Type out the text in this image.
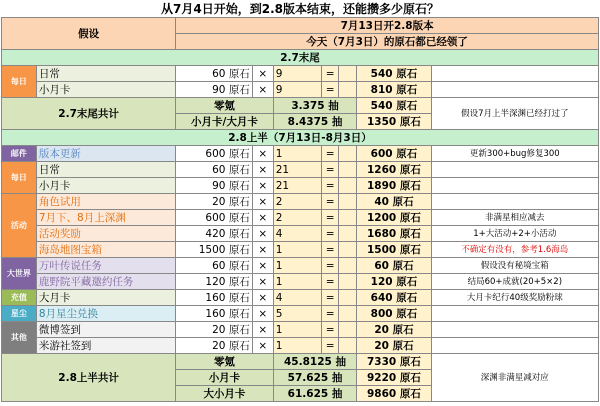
从7月4日开始，到2.8版本结束，还能攒多少原石？								
假设		7月13日开2.8版本						
		今天（7月3日）的原石都已经领了						
2.7末尾								
每日	日常	60 原石	×	9	=		540 原石	
	小月卡	90 原石	×	9	=		810 原石	
2.7末尾共计		零氪		3.375 抽			540 原石	假设7月上半深渊已经打过了
		小月卡/大月卡		8.4375 抽			1350 原石	
2.8上半（7月13日-8月3日）								
邮件	版本更新	600 原石	×	1	=		600 原石	更新300+bug修复300
每日	日常	60 原石	×	21	=		1260 原石	
	小月卡	90 原石	×	21	=		1890 原石	
活动	角色试用	20 原石	×	2	=		40 原石	
	7月下、8月上深渊	600 原石	×	2	=		1200 原石	非满星相应减去
	活动奖励	420 原石	×	4	=		1680 原石	1+大活动+2+小活动
	海岛地图宝箱	1500 原石	×	1	=		1500 原石	不确定有没有，参考1.6海岛
大世界	万叶传说任务	60 原石	×	1	=		60 原石	假设没有秘境宝箱
	鹿野院平藏邀约任务	120 原石	×	1	=		120 原石	结局60+成就(20+5×2)
充值	大月卡	160 原石	×	4	=		640 原石	大月卡纪行40级奖励粉球
星尘	8月星尘兑换	160 原石	×	5	=		800 原石	
其他	微博签到	20 原石	×	1	=		20 原石	
	米游社签到	20 原石	×	1	=		20 原石	
2.8上半共计		零氪		45.8125 抽			7330 原石	深渊非满星减对应
		小月卡		57.625 抽			9220 原石	
		大小月卡		61.625 抽			9860 原石	
